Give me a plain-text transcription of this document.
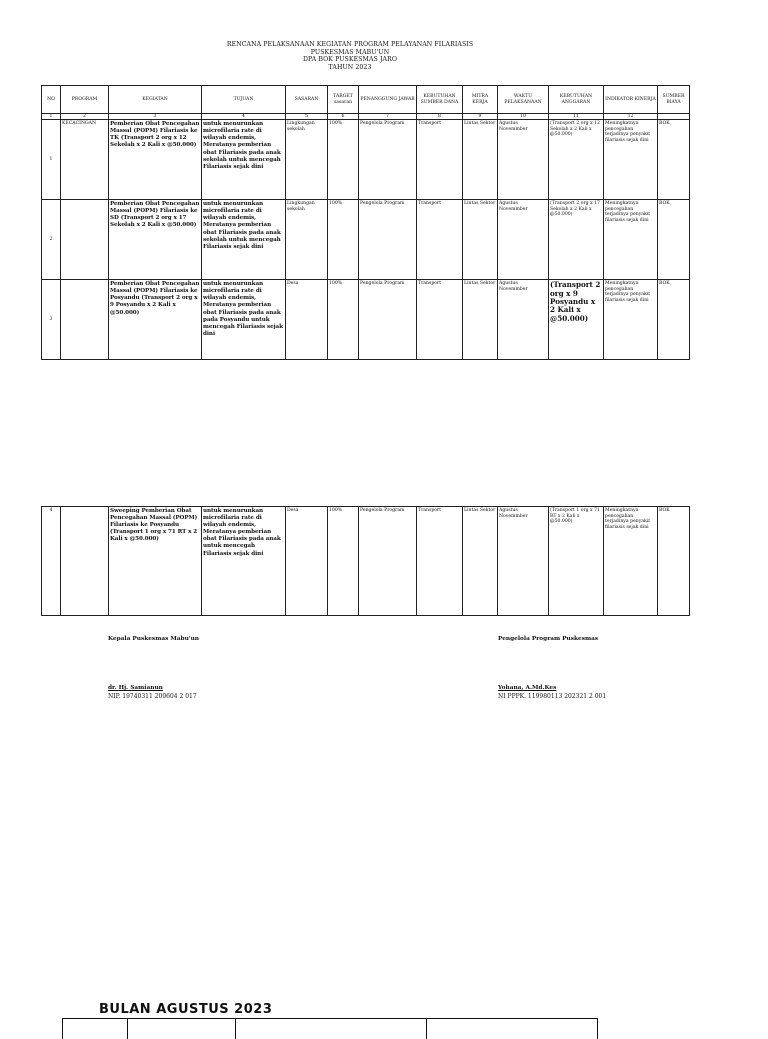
RENCANA PELAKSANAAN KEGIATAN PROGRAM PELAYANAN FILARIASIS
PUSKESMAS MABU'UN
DPA BOK PUSKESMAS JARO
TAHUN 2023
NO	PROGRAM	KEGIATAN	TUJUAN	SASARAN	TARGET sasaran	PENANGGUNG JAWAB	KEBUTUHAN SUMBER DANA	MITRA KERJA	WAKTU PELAKSANAAN	KEBUTUHAN ANGGARAN	INDIKATOR KINERJA	SUMBER BIAYA
1	2	3	4	5	6	7	8	9	10	11	12	
1	KECACINGAN	Pemberian Obat Pencegahan Massal (POPM) Filariasis ke TK (Transport 2 org x 12 Sekolah x 2 Kali x @50.000)	untuk menurunkan microfilaria rate di wilayah endemis, Meratanya pemberian obat Filariasis pada anak sekolah untuk mencegah Filariasis sejak dini	Lingkungan sekolah	100%	Pengelola Program	Transport	Lintas Sektor	Agustus Novemmber	(Transport 2 org x 12 Sekolah x 2 Kali x @50.000)	Meningkatnya pencegahan terjadinya penyakit filariasis sejak dini	BOK
2		Pemberian Obat Pencegahan Massal (POPM) Filariasis ke SD (Transport 2 org x 17 Sekolah x 2 Kali x @50.000)	untuk menurunkan microfilaria rate di wilayah endemis, Meratanya pemberian obat Filariasis pada anak sekolah untuk mencegah Filariasis sejak dini	Lingkungan sekolah	100%	Pengelola Program	Transport	Lintas Sektor	Agustus Novemmber	(Transport 2 org x 17 Sekolah x 2 Kali x @50.000)	Meningkatnya pencegahan terjadinya penyakit filariasis sejak dini	BOK
3		Pemberian Obat Pencegahan Massal (POPM) Filariasis ke Posyandu (Transport 2 org x 9 Posyandu x 2 Kali x @50.000)	untuk menurunkan microfilaria rate di wilayah endemis, Meratanya pemberian obat Filariasis pada anak pada Posyandu untuk mencegah Filariasis sejak dini	Desa	100%	Pengelola Program	Transport	Lintas Sektor	Agustus Novemmber	(Transport 2 org x 9 Posyandu x 2 Kali x @50.000)	Meningkatnya pencegahan terjadinya penyakit filariasis sejak dini	BOK
4		Sweeping Pemberian Obat Pencegahan Massal (POPM) Filariasis ke Posyandu (Transport 1 org x 71 RT x 2 Kali x @50.000)	untuk menurunkan microfilaria rate di wilayah endemis, Meratanya pemberian obat Filariasis pada anak untuk mencegah Filariasis sejak dini	Desa	100%	Pengelola Program	Transport	Lintas Sektor	Agustus Novemmber	(Transport 1 org x 71 RT x 2 Kali x @50.000)	Meningkatnya pencegahan terjadinya penyakit filariasis sejak dini	BOK
Kepala Puskesmas Mabu'un
dr. Hj. Samianun
NIP. 19740311 200604 2 017
Pengelola Program Puskesmas
Yohana, A.Md.Kes
NI PPPK. 119980113 202321 2 001
BULAN AGUSTUS 2023
